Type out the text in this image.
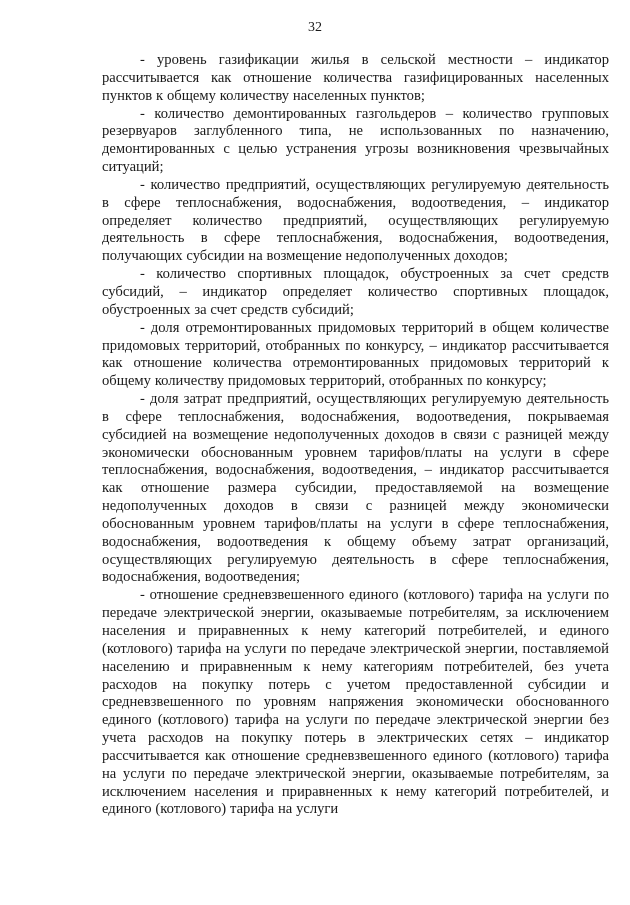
32

- уровень газификации жилья в сельской местности – индикатор рассчитывается как отношение количества газифицированных населенных пунктов к общему количеству населенных пунктов;

- количество демонтированных газгольдеров – количество групповых резервуаров заглубленного типа, не использованных по назначению, демонтированных с целью устранения угрозы возникновения чрезвычайных ситуаций;

- количество предприятий, осуществляющих регулируемую деятельность в сфере теплоснабжения, водоснабжения, водоотведения, – индикатор определяет количество предприятий, осуществляющих регулируемую деятельность в сфере теплоснабжения, водоснабжения, водоотведения, получающих субсидии на возмещение недополученных доходов;

- количество спортивных площадок, обустроенных за счет средств субсидий, – индикатор определяет количество спортивных площадок, обустроенных за счет средств субсидий;

- доля отремонтированных придомовых территорий в общем количестве придомовых территорий, отобранных по конкурсу, – индикатор рассчитывается как отношение количества отремонтированных придомовых территорий к общему количеству придомовых территорий, отобранных по конкурсу;

- доля затрат предприятий, осуществляющих регулируемую деятельность в сфере теплоснабжения, водоснабжения, водоотведения, покрываемая субсидией на возмещение недополученных доходов в связи с разницей между экономически обоснованным уровнем тарифов/платы на услуги в сфере теплоснабжения, водоснабжения, водоотведения, – индикатор рассчитывается как отношение размера субсидии, предоставляемой на возмещение недополученных доходов в связи с разницей между экономически обоснованным уровнем тарифов/платы на услуги в сфере теплоснабжения, водоснабжения, водоотведения к общему объему затрат организаций, осуществляющих регулируемую деятельность в сфере теплоснабжения, водоснабжения, водоотведения;

- отношение средневзвешенного единого (котлового) тарифа на услуги по передаче электрической энергии, оказываемые потребителям, за исключением населения и приравненных к нему категорий потребителей, и единого (котлового) тарифа на услуги по передаче электрической энергии, поставляемой населению и приравненным к нему категориям потребителей, без учета расходов на покупку потерь с учетом предоставленной субсидии и средневзвешенного по уровням напряжения экономически обоснованного единого (котлового) тарифа на услуги по передаче электрической энергии без учета расходов на покупку потерь в электрических сетях – индикатор рассчитывается как отношение средневзвешенного единого (котлового) тарифа на услуги по передаче электрической энергии, оказываемые потребителям, за исключением населения и приравненных к нему категорий потребителей, и единого (котлового) тарифа на услуги
